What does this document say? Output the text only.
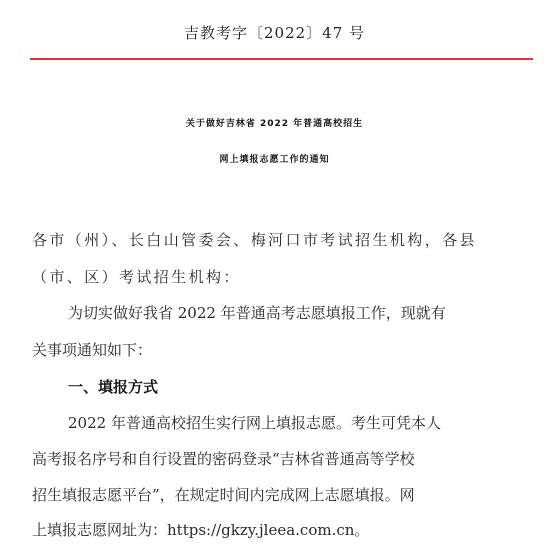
吉教考字〔2022〕47 号
关于做好吉林省 2022 年普通高校招生
网上填报志愿工作的通知
各市（州）、长白山管委会、梅河口市考试招生机构，各县
（市、区）考试招生机构：
为切实做好我省 2022 年普通高考志愿填报工作，现就有
关事项通知如下：
一、填报方式
2022 年普通高校招生实行网上填报志愿。考生可凭本人
高考报名序号和自行设置的密码登录“吉林省普通高等学校
招生填报志愿平台”，在规定时间内完成网上志愿填报。网
上填报志愿网址为：https://gkzy.jleea.com.cn。
